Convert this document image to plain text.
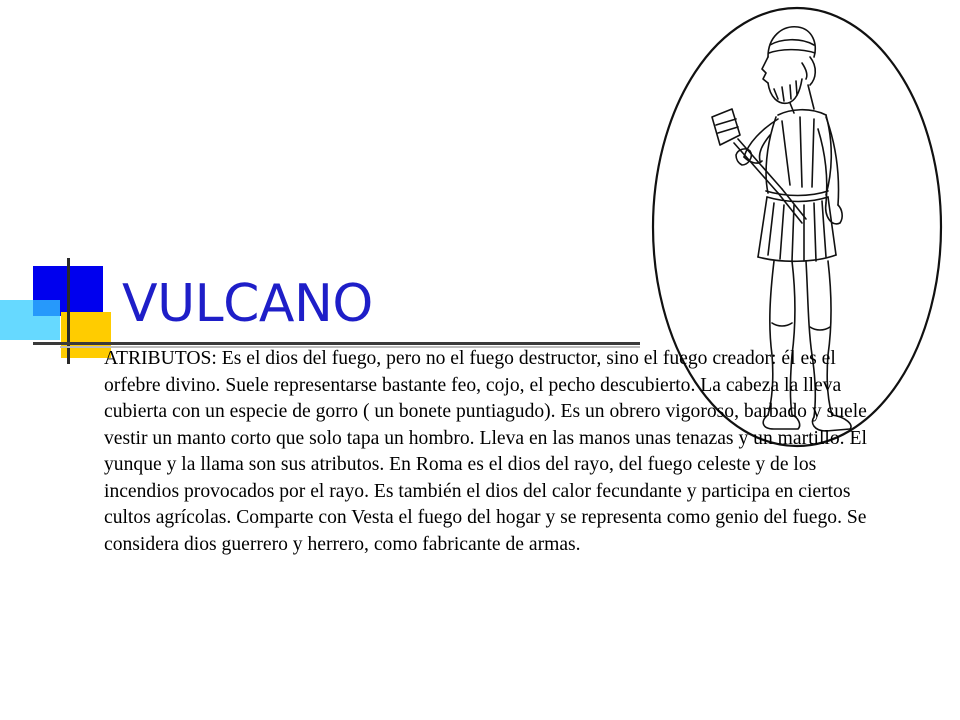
VULCANO

ATRIBUTOS: Es el dios del fuego, pero no el fuego destructor, sino el fuego creador: él es el orfebre divino. Suele representarse bastante feo, cojo, el pecho descubierto. La cabeza la lleva cubierta con un especie de gorro ( un bonete puntiagudo). Es un obrero vigoroso, barbado y suele vestir un manto corto que solo tapa un hombro. Lleva en las manos unas tenazas y un martillo. El yunque y la llama son sus atributos. En Roma es el dios del rayo, del fuego celeste y de los incendios provocados por el rayo. Es también el dios del calor fecundante y participa en ciertos cultos agrícolas. Comparte con Vesta el fuego del hogar y se representa como genio del fuego. Se considera dios guerrero y herrero, como fabricante de armas.
